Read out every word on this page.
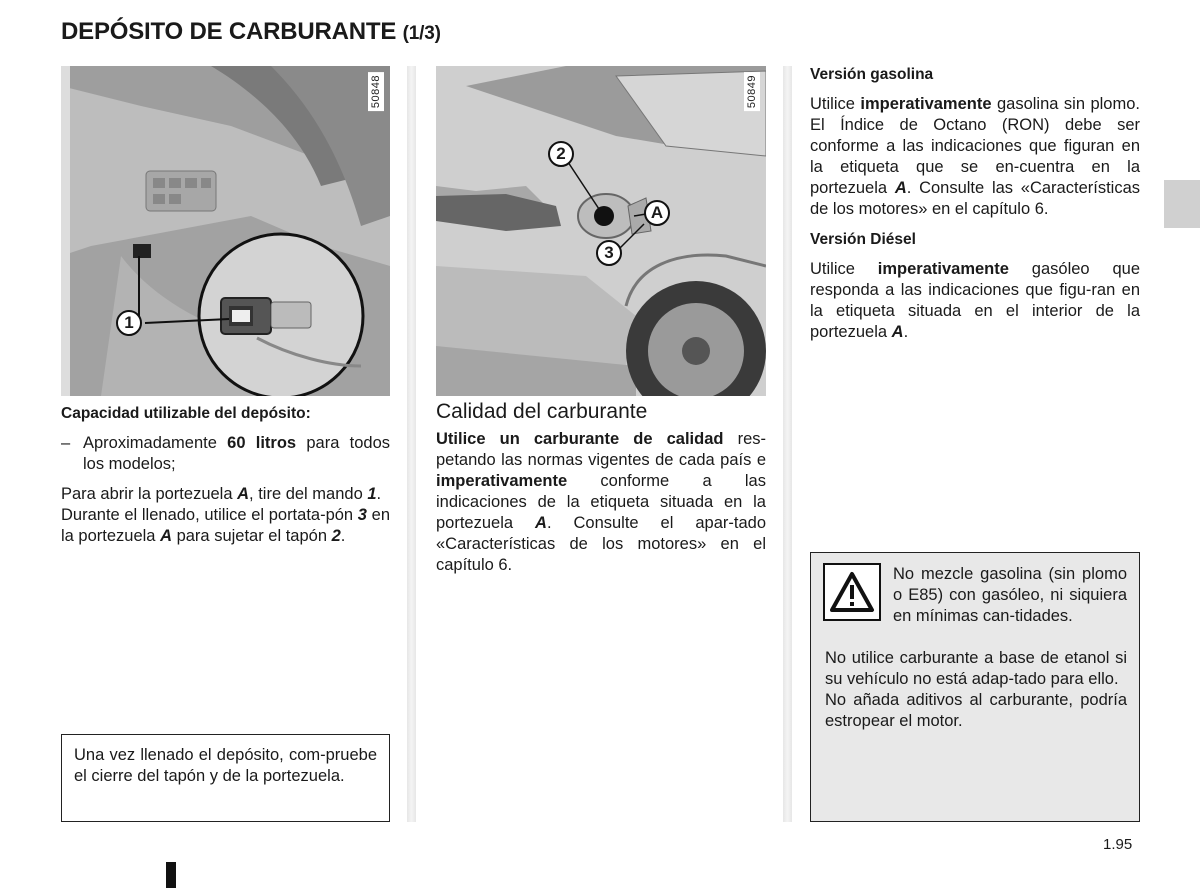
DEPÓSITO DE CARBURANTE (1/3)
50848
1
50849
2
A
3

Capacidad utilizable del depósito:

– Aproximadamente 60 litros para todos los modelos;

Para abrir la portezuela A, tire del mando 1.

Durante el llenado, utilice el portata-pón 3 en la portezuela A para sujetar el tapón 2.

Una vez llenado el depósito, com-pruebe el cierre del tapón y de la portezuela.

Calidad del carburante

Utilice un carburante de calidad res-petando las normas vigentes de cada país e imperativamente conforme a las indicaciones de la etiqueta situada en la portezuela A. Consulte el apar-tado «Características de los motores» en el capítulo 6.

Versión gasolina

Utilice imperativamente gasolina sin plomo. El Índice de Octano (RON) debe ser conforme a las indicaciones que figuran en la etiqueta que se en-cuentra en la portezuela A. Consulte las «Características de los motores» en el capítulo 6.

Versión Diésel

Utilice imperativamente gasóleo que responda a las indicaciones que figu-ran en la etiqueta situada en el interior de la portezuela A.

No mezcle gasolina (sin plomo o E85) con gasóleo, ni siquiera en mínimas can-tidades.

No utilice carburante a base de etanol si su vehículo no está adap-tado para ello.

No añada aditivos al carburante, podría estropear el motor.

1.95
